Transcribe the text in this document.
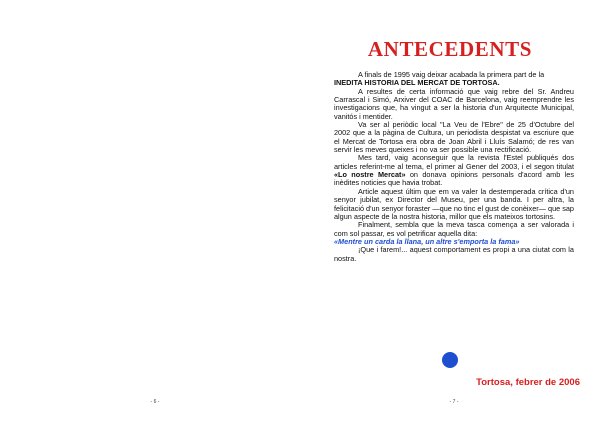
- 6 -
ANTECEDENTS

A finals de 1995 vaig deixar acabada la primera part de la
INEDITA HISTORIA DEL MERCAT DE TORTOSA.

A resultes de certa informació que vaig rebre del Sr. Andreu Carrascal i Simó, Arxiver del COAC de Barcelona, vaig reemprendre les investigacions que, ha vingut a ser la historia d'un Arquitecte Municipal, vanitós i mentider.

Va ser al periòdic local "La Veu de l'Ebre" de 25 d'Octubre del 2002 que a la pàgina de Cultura, un periodista despistat va escriure que el Mercat de Tortosa era obra de Joan Abril i Lluís Salamó; de res van servir les meves queixes i no va ser possible una rectificació.

Mes tard, vaig aconseguir que la revista l'Estel publiqués dos articles referint-me al tema, el primer al Gener del 2003, i el segon titulat «Lo nostre Mercat» on donava opinions personals d'acord amb les inèdites noticies que havia trobat.

Article aquest últim que em va valer la destemperada crítica d'un senyor jubilat, ex Director del Museu, per una banda. I per altra, la felicitació d'un senyor foraster —que no tinc el gust de conèixer— que sap algun aspecte de la nostra historia, millor que els mateixos tortosins.

Finalment, sembla que la meva tasca comença a ser valorada i com sol passar, es vol petrificar aquella dita:

«Mentre un carda la llana, un altre s'emporta la fama»

¡Que i farem!... aquest comportament es propi a una ciutat com la nostra.

Tortosa, febrer de 2006

- 7 -
